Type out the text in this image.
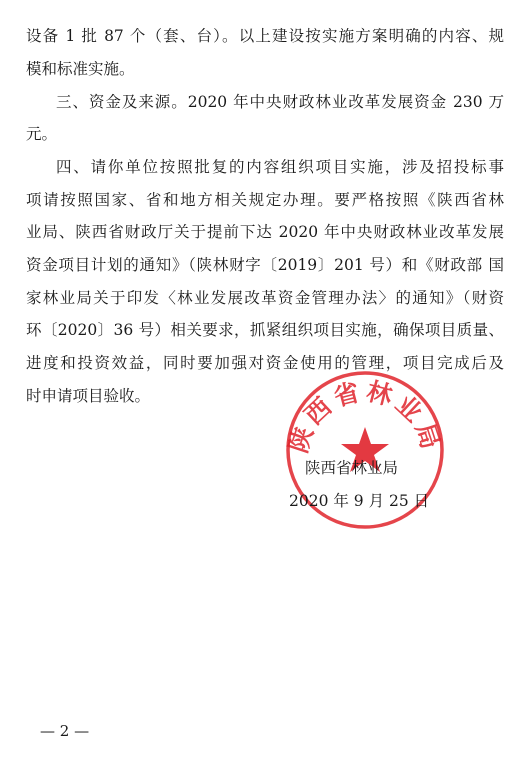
设备 1 批 87 个（套、台）。以上建设按实施方案明确的内容、规
模和标准实施。
三、资金及来源。2020 年中央财政林业改革发展资金 230 万
元。
四、请你单位按照批复的内容组织项目实施，涉及招投标事
项请按照国家、省和地方相关规定办理。要严格按照《陕西省林
业局、陕西省财政厅关于提前下达 2020 年中央财政林业改革发展
资金项目计划的通知》（陕林财字〔2019〕201 号）和《财政部 国
家林业局关于印发〈林业发展改革资金管理办法〉的通知》（财资
环〔2020〕36 号）相关要求，抓紧组织项目实施，确保项目质量、
进度和投资效益，同时要加强对资金使用的管理，项目完成后及
时申请项目验收。
陕西省林业局
陕西省林业局
2020 年 9 月 25 日
— 2 —
